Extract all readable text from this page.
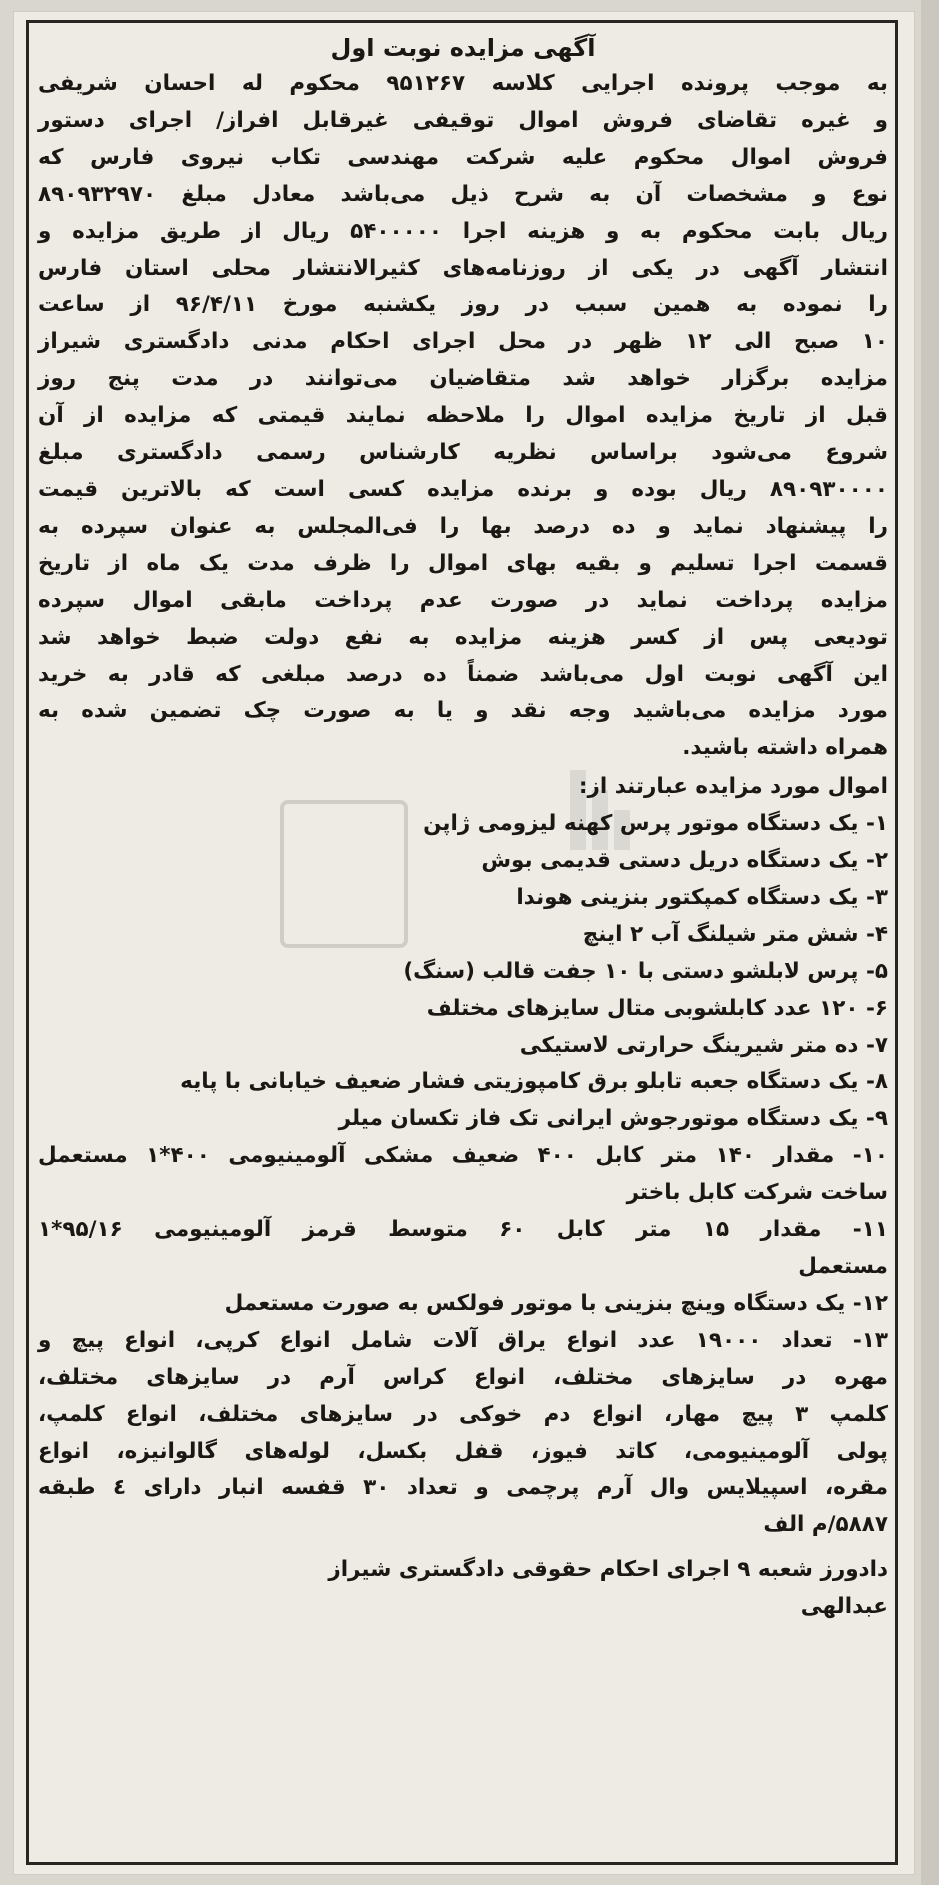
آگهی مزایده نوبت اول
به موجب پرونده اجرایی کلاسه ۹۵۱۲۶۷ محکوم له احسان شریفی
و غیره تقاضای فروش اموال توقیفی غیرقابل افراز/ اجرای دستور
فروش اموال محکوم علیه شرکت مهندسی تکاب نیروی فارس که
نوع و مشخصات آن به شرح ذیل می‌باشد معادل مبلغ ۸۹۰۹۳۲۹۷۰
ریال بابت محکوم به و هزینه اجرا ۵۴۰۰۰۰۰ ریال از طریق مزایده و
انتشار آگهی در یکی از روزنامه‌های کثیرالانتشار محلی استان فارس
را نموده به همین سبب در روز یکشنبه مورخ ۹۶/۴/۱۱ از ساعت
۱۰ صبح الی ۱۲ ظهر در محل اجرای احکام مدنی دادگستری شیراز
مزایده برگزار خواهد شد متقاضیان می‌توانند در مدت پنج روز
قبل از تاریخ مزایده اموال را ملاحظه نمایند قیمتی که مزایده از آن
شروع می‌شود براساس نظریه کارشناس رسمی دادگستری مبلغ
۸۹۰۹۳۰۰۰۰ ریال بوده و برنده مزایده کسی است که بالاترین قیمت
را پیشنهاد نماید و ده درصد بها را فی‌المجلس به عنوان سپرده به
قسمت اجرا تسلیم و بقیه بهای اموال را ظرف مدت یک ماه از تاریخ
مزایده پرداخت نماید در صورت عدم پرداخت مابقی اموال سپرده
تودیعی پس از کسر هزینه مزایده به نفع دولت ضبط خواهد شد
این آگهی نوبت اول می‌باشد ضمناً ده درصد مبلغی که قادر به خرید
مورد مزایده می‌باشید وجه نقد و یا به صورت چک تضمین شده به
همراه داشته باشید.
اموال مورد مزایده عبارتند از:
۱- یک دستگاه موتور پرس کهنه لیزومی ژاپن
۲- یک دستگاه دریل دستی قدیمی بوش
۳- یک دستگاه کمپکتور بنزینی هوندا
۴- شش متر شیلنگ آب ۲ اینچ
۵- پرس لابلشو دستی با ۱۰ جفت قالب (سنگ)
۶- ۱۲۰ عدد کابلشوبی متال سایزهای مختلف
۷- ده متر شیرینگ حرارتی لاستیکی
۸- یک دستگاه جعبه تابلو برق کامپوزیتی فشار ضعیف خیابانی با پایه
۹- یک دستگاه موتورجوش ایرانی تک فاز تکسان میلر
۱۰- مقدار ۱۴۰ متر کابل ۴۰۰ ضعیف مشکی آلومینیومی ۴۰۰*۱ مستعمل
ساخت شرکت کابل باختر
۱۱- مقدار ۱۵ متر کابل ۶۰ متوسط قرمز آلومینیومی ۹۵/۱۶*۱
مستعمل
۱۲- یک دستگاه وینچ بنزینی با موتور فولکس به صورت مستعمل
۱۳- تعداد ۱۹۰۰۰ عدد انواع یراق آلات شامل انواع کرپی، انواع پیچ و
مهره در سایزهای مختلف، انواع کراس آرم در سایزهای مختلف،
کلمپ ۳ پیچ مهار، انواع دم خوکی در سایزهای مختلف، انواع کلمپ،
پولی آلومینیومی، کاتد فیوز، قفل بکسل، لوله‌های گالوانیزه، انواع
مقره، اسپیلایس وال آرم پرچمی و تعداد ۳۰ قفسه انبار دارای ٤ طبقه
۵۸۸۷/م الف
دادورز شعبه ۹ اجرای احکام حقوقی دادگستری شیراز
عبدالهی
